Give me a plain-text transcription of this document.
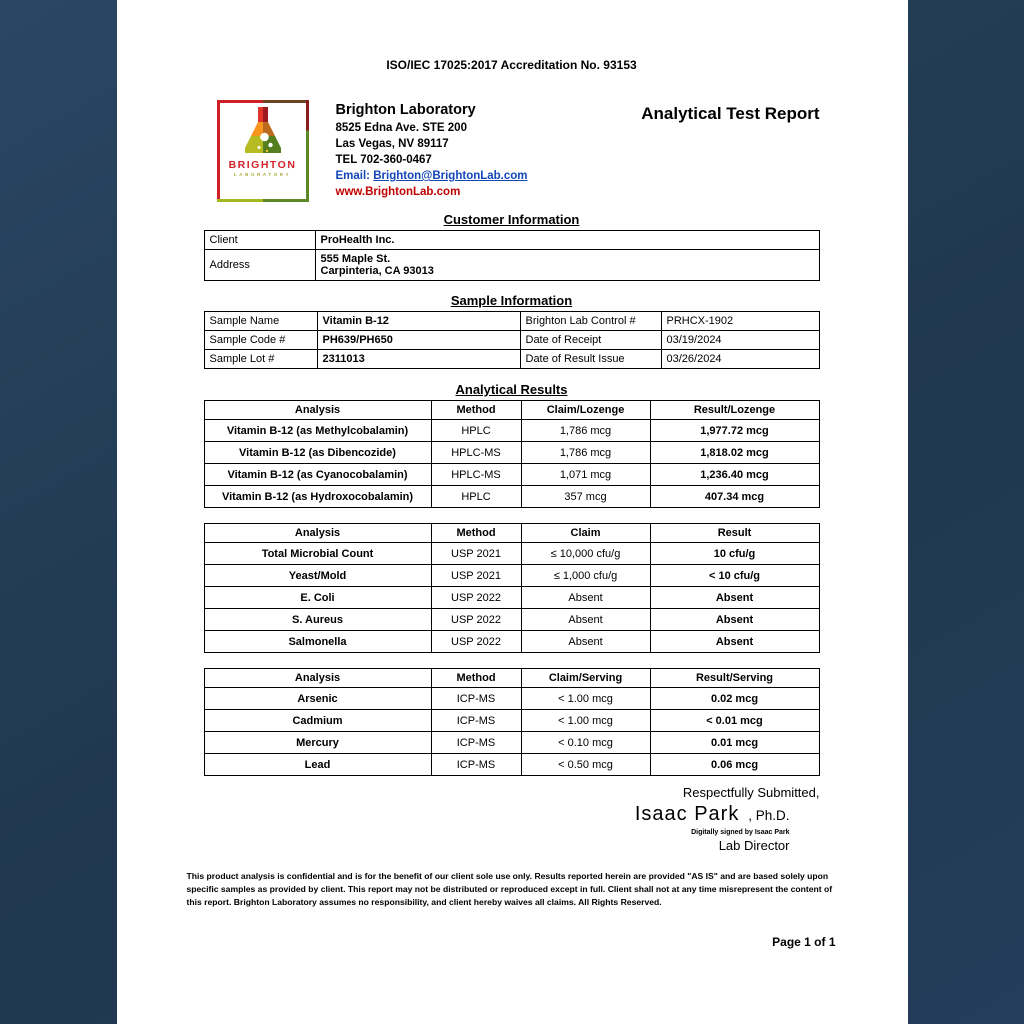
ISO/IEC 17025:2017 Accreditation No. 93153
BRIGHTON
LABORATORY
Brighton Laboratory
8525 Edna Ave. STE 200
Las Vegas, NV 89117
TEL 702-360-0467
Email: Brighton@BrightonLab.com
www.BrightonLab.com
Analytical Test Report
Customer Information
Client	ProHealth Inc.
Address	555 Maple St.
Carpinteria, CA 93013
Sample Information
Sample Name	Vitamin B-12	Brighton Lab Control #	PRHCX-1902
Sample Code #	PH639/PH650	Date of Receipt	03/19/2024
Sample Lot #	2311013	Date of Result Issue	03/26/2024
Analytical Results
Analysis	Method	Claim/Lozenge	Result/Lozenge
Vitamin B-12 (as Methylcobalamin)	HPLC	1,786 mcg	1,977.72 mcg
Vitamin B-12 (as Dibencozide)	HPLC-MS	1,786 mcg	1,818.02 mcg
Vitamin B-12 (as Cyanocobalamin)	HPLC-MS	1,071 mcg	1,236.40 mcg
Vitamin B-12 (as Hydroxocobalamin)	HPLC	357 mcg	407.34 mcg
Analysis	Method	Claim	Result
Total Microbial Count	USP 2021	≤ 10,000 cfu/g	10 cfu/g
Yeast/Mold	USP 2021	≤ 1,000 cfu/g	< 10 cfu/g
E. Coli	USP 2022	Absent	Absent
S. Aureus	USP 2022	Absent	Absent
Salmonella	USP 2022	Absent	Absent
Analysis	Method	Claim/Serving	Result/Serving
Arsenic	ICP-MS	< 1.00 mcg	0.02 mcg
Cadmium	ICP-MS	< 1.00 mcg	< 0.01 mcg
Mercury	ICP-MS	< 0.10 mcg	0.01 mcg
Lead	ICP-MS	< 0.50 mcg	0.06 mcg
Respectfully Submitted,
Isaac Park , Ph.D.
Digitally signed by Isaac Park
Lab Director
This product analysis is confidential and is for the benefit of our client sole use only. Results reported herein are provided "AS IS" and are based solely upon specific samples as provided by client. This report may not be distributed or reproduced except in full. Client shall not at any time misrepresent the content of this report. Brighton Laboratory assumes no responsibility, and client hereby waives all claims. All Rights Reserved.
Page 1 of 1
